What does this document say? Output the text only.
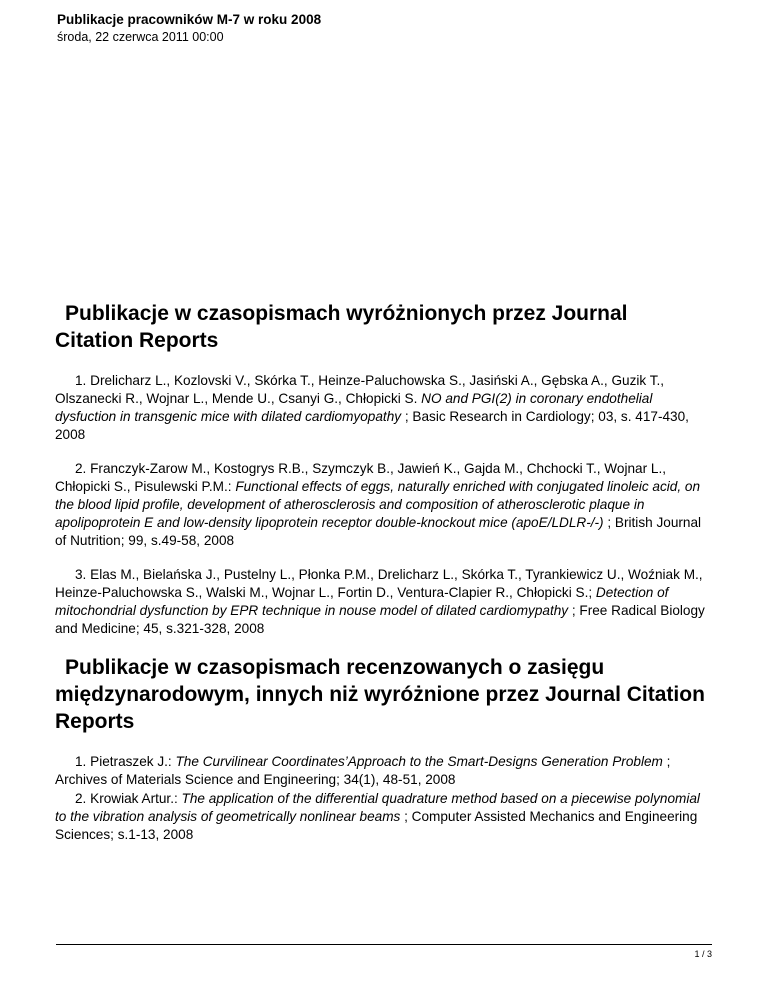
Publikacje pracowników M-7 w roku 2008
środa, 22 czerwca 2011 00:00
Publikacje w czasopismach wyróżnionych przez Journal Citation Reports

1. Drelicharz L., Kozlovski V., Skórka T., Heinze-Paluchowska S., Jasiński A., Gębska A., Guzik T., Olszanecki R., Wojnar L., Mende U., Csanyi G., Chłopicki S. NO and PGI(2) in coronary endothelial dysfuction in transgenic mice with dilated cardiomyopathy ; Basic Research in Cardiology; 03, s. 417-430, 2008

2. Franczyk-Zarow M., Kostogrys R.B., Szymczyk B., Jawień K., Gajda M., Chchocki T., Wojnar L., Chłopicki S., Pisulewski P.M.: Functional effects of eggs, naturally enriched with conjugated linoleic acid, on the blood lipid profile, development of atherosclerosis and composition of atherosclerotic plaque in apolipoprotein E and low-density lipoprotein receptor double-knockout mice (apoE/LDLR-/-) ; British Journal of Nutrition; 99, s.49-58, 2008

3. Elas M., Bielańska J., Pustelny L., Płonka P.M., Drelicharz L., Skórka T., Tyrankiewicz U., Woźniak M., Heinze-Paluchowska S., Walski M., Wojnar L., Fortin D., Ventura-Clapier R., Chłopicki S.; Detection of mitochondrial dysfunction by EPR technique in nouse model of dilated cardiomypathy ; Free Radical Biology and Medicine; 45, s.321-328, 2008

Publikacje w czasopismach recenzowanych o zasięgu międzynarodowym, innych niż wyróżnione przez Journal Citation Reports

1. Pietraszek J.: The Curvilinear Coordinates’Approach to the Smart-Designs Generation Problem ; Archives of Materials Science and Engineering; 34(1), 48-51, 2008

2. Krowiak Artur.: The application of the differential quadrature method based on a piecewise polynomial to the vibration analysis of geometrically nonlinear beams ; Computer Assisted Mechanics and Engineering Sciences; s.1-13, 2008

1 / 3
